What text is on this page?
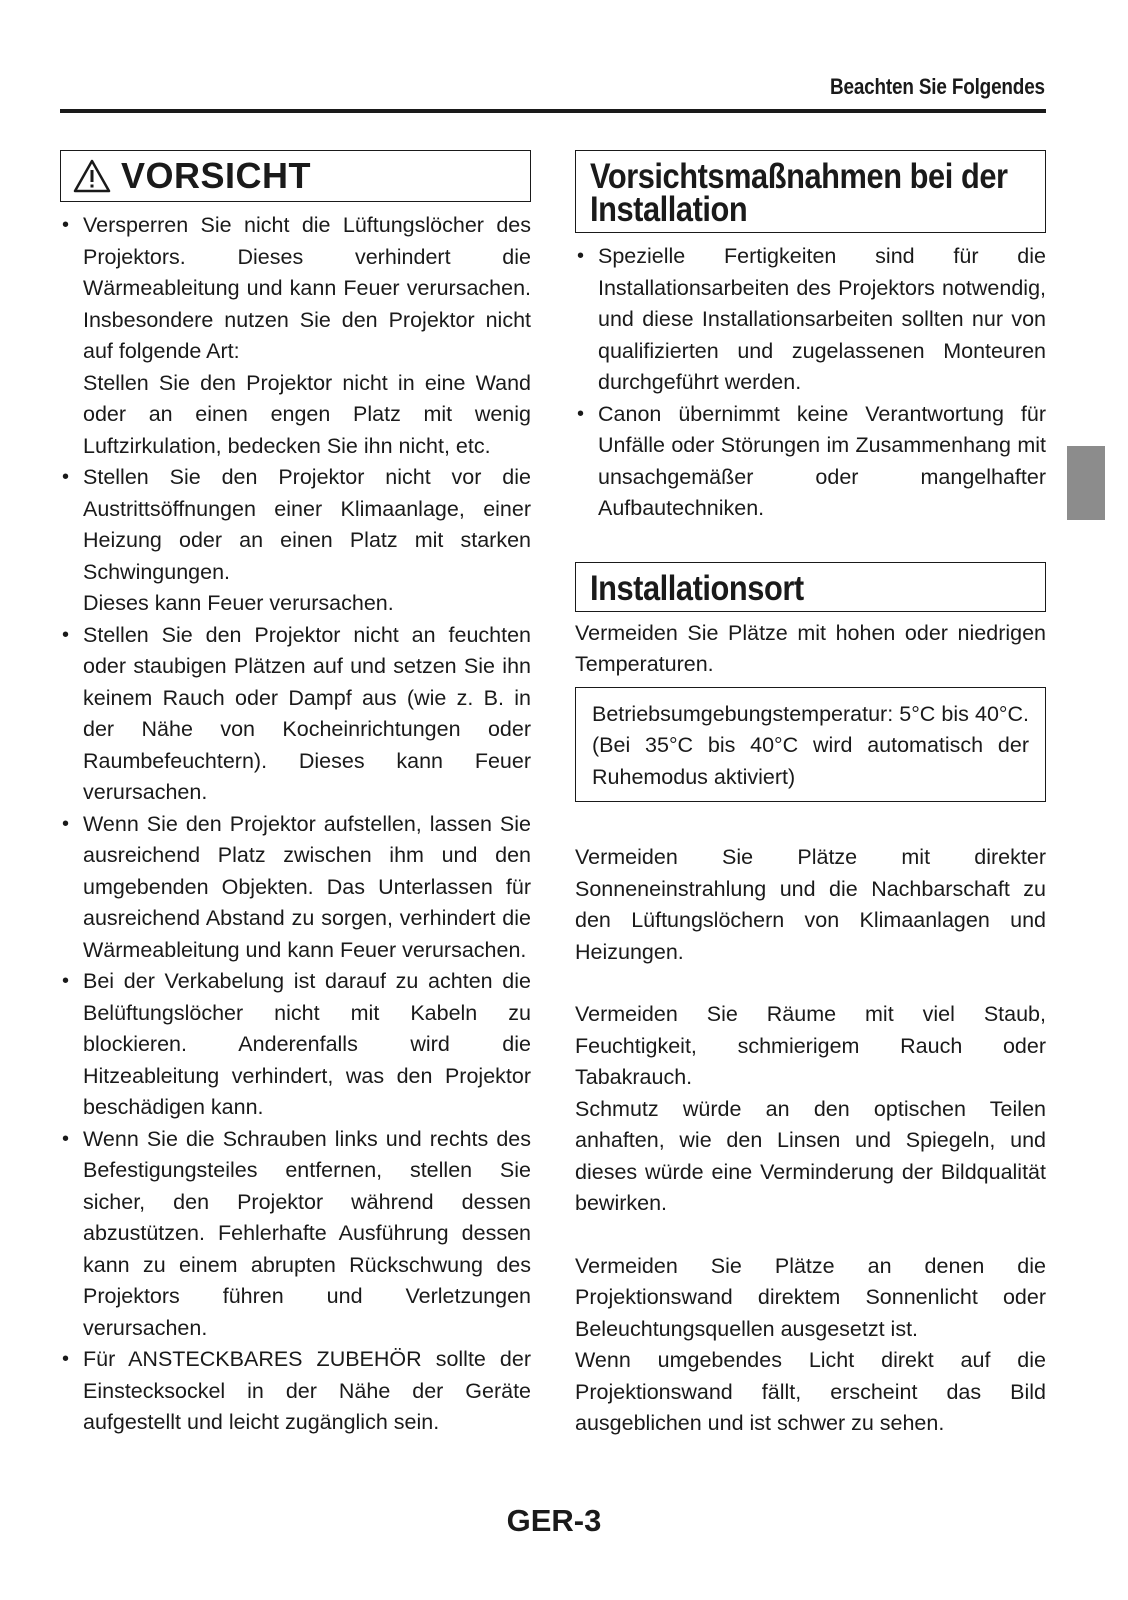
Beachten Sie Folgendes
VORSICHT

• Versperren Sie nicht die Lüftungslöcher des Projektors. Dieses verhindert die Wärmeableitung und kann Feuer verursachen. Insbesondere nutzen Sie den Projektor nicht auf folgende Art:

Stellen Sie den Projektor nicht in eine Wand oder an einen engen Platz mit wenig Luftzirkulation, bedecken Sie ihn nicht, etc.

• Stellen Sie den Projektor nicht vor die Austrittsöffnungen einer Klimaanlage, einer Heizung oder an einen Platz mit starken Schwingungen.

Dieses kann Feuer verursachen.

• Stellen Sie den Projektor nicht an feuchten oder staubigen Plätzen auf und setzen Sie ihn keinem Rauch oder Dampf aus (wie z. B. in der Nähe von Kocheinrichtungen oder Raumbefeuchtern). Dieses kann Feuer verursachen.

• Wenn Sie den Projektor aufstellen, lassen Sie ausreichend Platz zwischen ihm und den umgebenden Objekten. Das Unterlassen für ausreichend Abstand zu sorgen, verhindert die Wärmeableitung und kann Feuer verursachen.

• Bei der Verkabelung ist darauf zu achten die Belüftungslöcher nicht mit Kabeln zu blockieren. Anderenfalls wird die Hitzeableitung verhindert, was den Projektor beschädigen kann.

• Wenn Sie die Schrauben links und rechts des Befestigungsteiles entfernen, stellen Sie sicher, den Projektor während dessen abzustützen. Fehlerhafte Ausführung dessen kann zu einem abrupten Rückschwung des Projektors führen und Verletzungen verursachen.

• Für ANSTECKBARES ZUBEHÖR sollte der Einstecksockel in der Nähe der Geräte aufgestellt und leicht zugänglich sein.

Vorsichtsmaßnahmen bei der
Installation

• Spezielle Fertigkeiten sind für die Installationsarbeiten des Projektors notwendig, und diese Installationsarbeiten sollten nur von qualifizierten und zugelassenen Monteuren durchgeführt werden.

• Canon übernimmt keine Verantwortung für Unfälle oder Störungen im Zusammenhang mit unsachgemäßer oder mangelhafter Aufbautechniken.

Installationsort

Vermeiden Sie Plätze mit hohen oder niedrigen Temperaturen.

Betriebsumgebungstemperatur: 5°C bis 40°C. (Bei 35°C bis 40°C wird automatisch der Ruhemodus aktiviert)

Vermeiden Sie Plätze mit direkter Sonneneinstrahlung und die Nachbarschaft zu den Lüftungslöchern von Klimaanlagen und Heizungen.

Vermeiden Sie Räume mit viel Staub, Feuchtigkeit, schmierigem Rauch oder Tabakrauch.

Schmutz würde an den optischen Teilen anhaften, wie den Linsen und Spiegeln, und dieses würde eine Verminderung der Bildqualität bewirken.

Vermeiden Sie Plätze an denen die Projektionswand direktem Sonnenlicht oder Beleuchtungsquellen ausgesetzt ist.

Wenn umgebendes Licht direkt auf die Projektionswand fällt, erscheint das Bild ausgeblichen und ist schwer zu sehen.

GER-3
